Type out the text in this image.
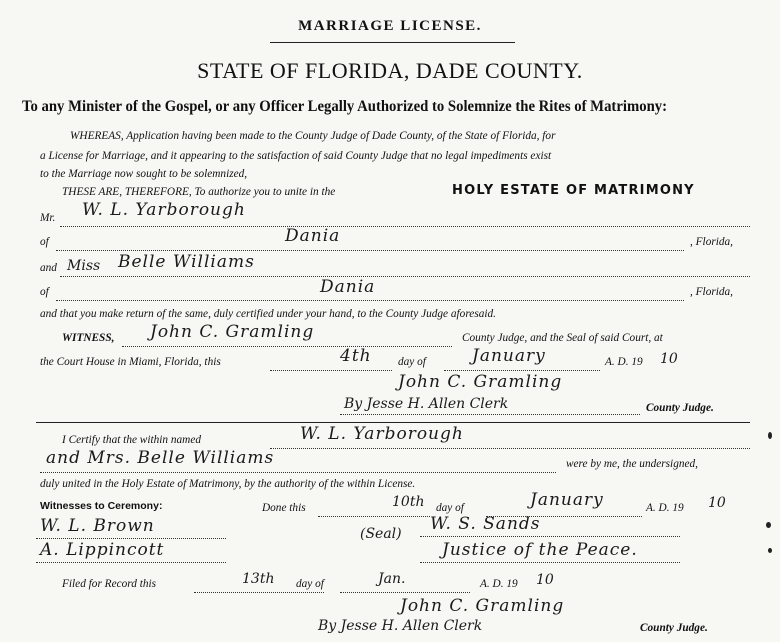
MARRIAGE LICENSE.
STATE OF FLORIDA, DADE COUNTY.
To any Minister of the Gospel, or any Officer Legally Authorized to Solemnize the Rites of Matrimony:
WHEREAS, Application having been made to the County Judge of Dade County, of the State of Florida, for
a License for Marriage, and it appearing to the satisfaction of said County Judge that no legal impediments exist
to the Marriage now sought to be solemnized,
THESE ARE, THEREFORE, To authorize you to unite in the	HOLY ESTATE OF MATRIMONY
Mr. W. L. Yarborough
of	Dania	, Florida,
and Miss Belle Williams
of	Dania	, Florida,
and that you make return of the same, duly certified under your hand, to the County Judge aforesaid.
WITNESS, John C. Gramling	County Judge, and the Seal of said Court, at
the Court House in Miami, Florida, this	4th day of	January	A. D. 19 10
John C. Gramling
By Jesse H. Allen Clerk	County Judge.
I Certify that the within named	W. L. Yarborough
and Mrs. Belle Williams	were by me, the undersigned,
duly united in the Holy Estate of Matrimony, by the authority of the within License.
Witnesses to Ceremony:	Done this	10th day of	January	A. D. 19 10
W. L. Brown
A. Lippincott
(Seal) W. S. Sands
Justice of the Peace.
Filed for Record this	13th day of	Jan.	A. D. 19 10
John C. Gramling
By Jesse H. Allen Clerk	County Judge.
